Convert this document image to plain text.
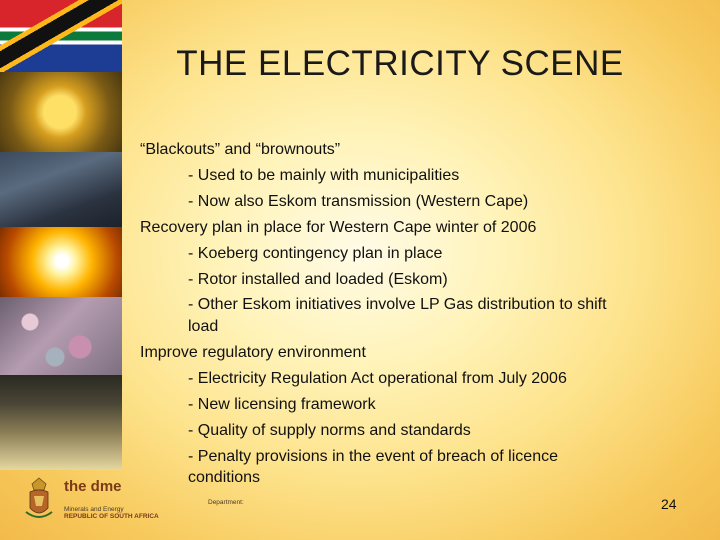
the dme
Department:
Minerals and Energy
REPUBLIC OF SOUTH AFRICA
THE ELECTRICITY SCENE
“Blackouts” and “brownouts”
- Used to be mainly with municipalities
- Now also Eskom transmission (Western Cape)
Recovery plan in place for Western Cape winter of 2006
- Koeberg contingency plan in place
- Rotor installed and loaded (Eskom)
- Other Eskom initiatives involve LP Gas distribution to shift
load
Improve regulatory environment
- Electricity Regulation Act operational from July 2006
- New licensing framework
- Quality of supply norms and standards
- Penalty provisions in the event of breach of licence
conditions
24
